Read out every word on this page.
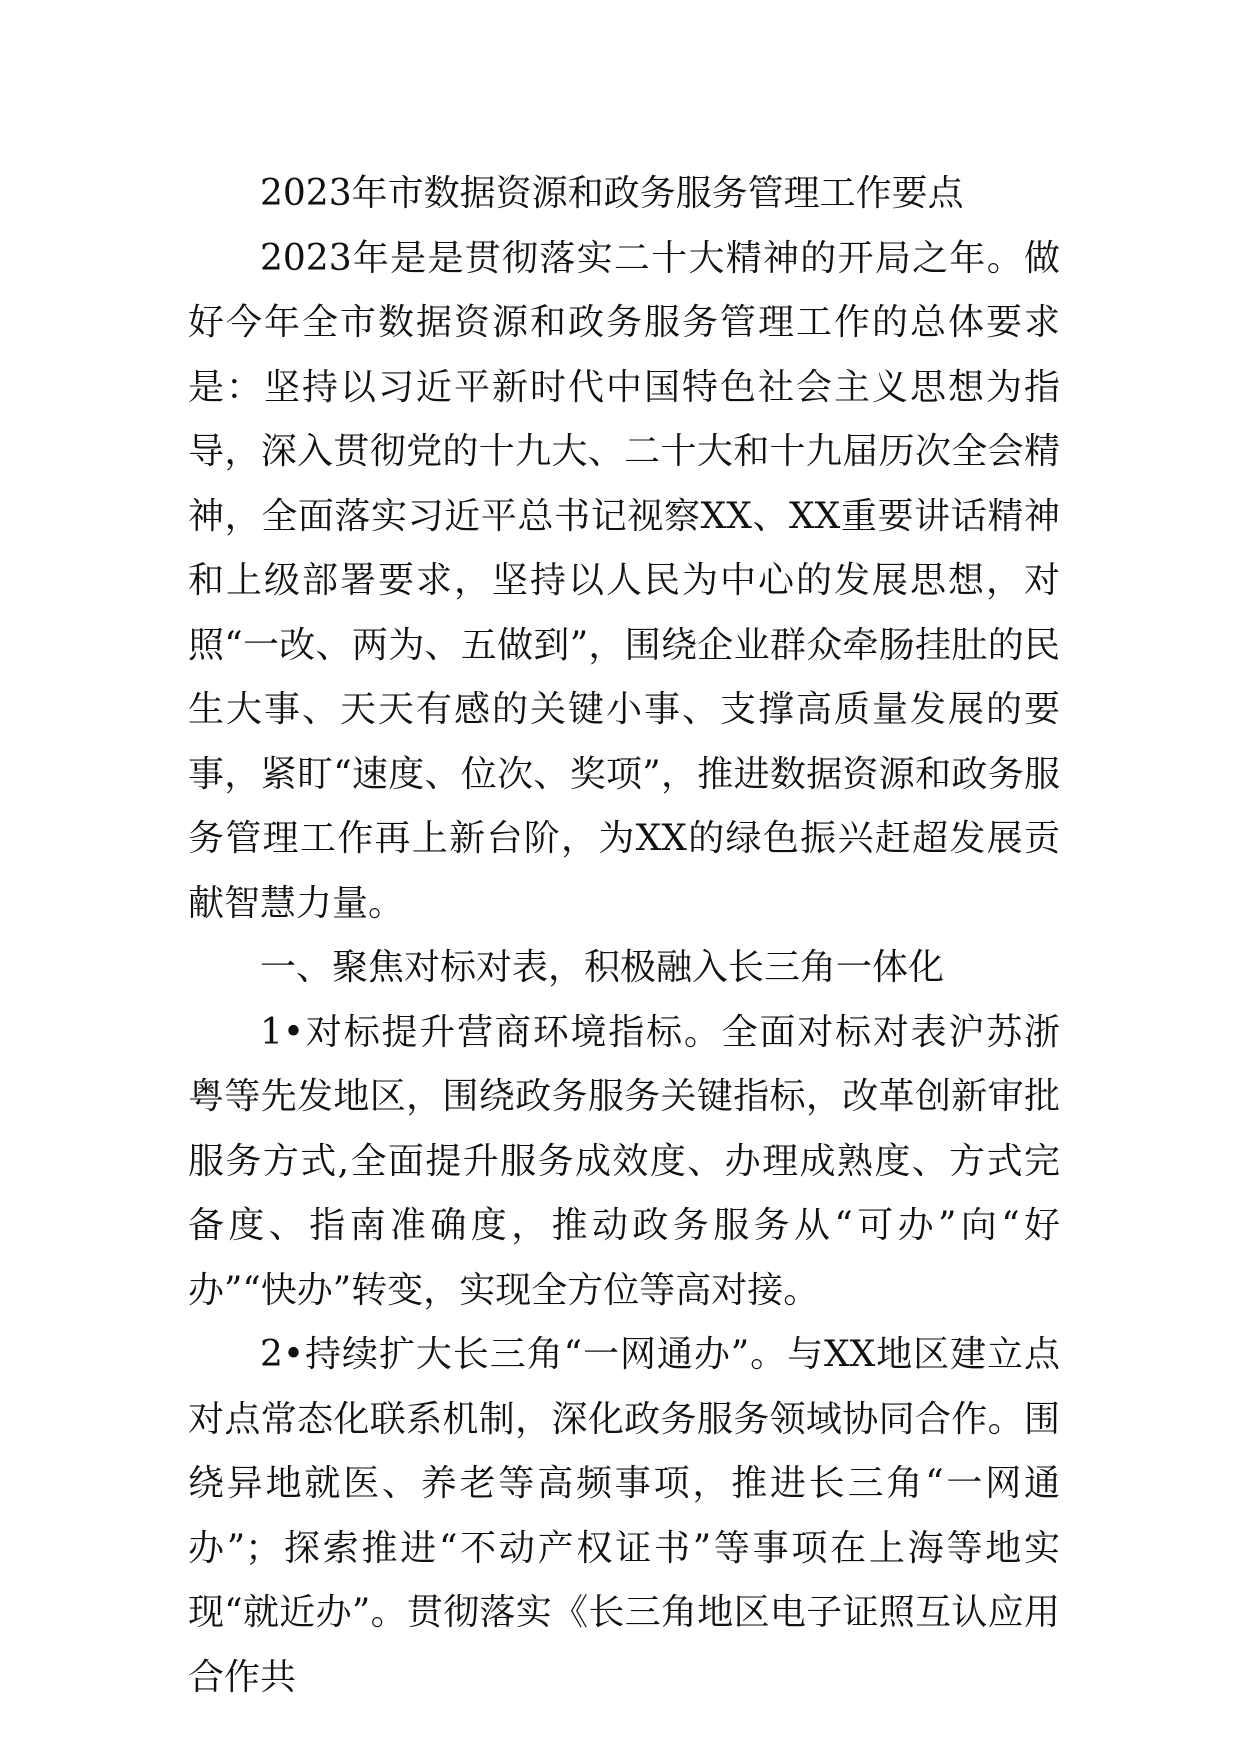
2023年市数据资源和政务服务管理工作要点

2023年是是贯彻落实二十大精神的开局之年。做好今年全市数据资源和政务服务管理工作的总体要求是：坚持以习近平新时代中国特色社会主义思想为指导，深入贯彻党的十九大、二十大和十九届历次全会精神，全面落实习近平总书记视察XX、XX重要讲话精神和上级部署要求，坚持以人民为中心的发展思想，对照“一改、两为、五做到”，围绕企业群众牵肠挂肚的民生大事、天天有感的关键小事、支撑高质量发展的要事，紧盯“速度、位次、奖项”，推进数据资源和政务服务管理工作再上新台阶，为XX的绿色振兴赶超发展贡献智慧力量。

一、聚焦对标对表，积极融入长三角一体化

1•对标提升营商环境指标。全面对标对表沪苏浙粤等先发地区，围绕政务服务关键指标，改革创新审批服务方式,全面提升服务成效度、办理成熟度、方式完备度、指南准确度，推动政务服务从“可办”向“好办”“快办”转变，实现全方位等高对接。

2•持续扩大长三角“一网通办”。与XX地区建立点对点常态化联系机制，深化政务服务领域协同合作。围绕异地就医、养老等高频事项，推进长三角“一网通办”；探索推进“不动产权证书”等事项在上海等地实现“就近办”。贯彻落实《长三角地区电子证照互认应用合作共
